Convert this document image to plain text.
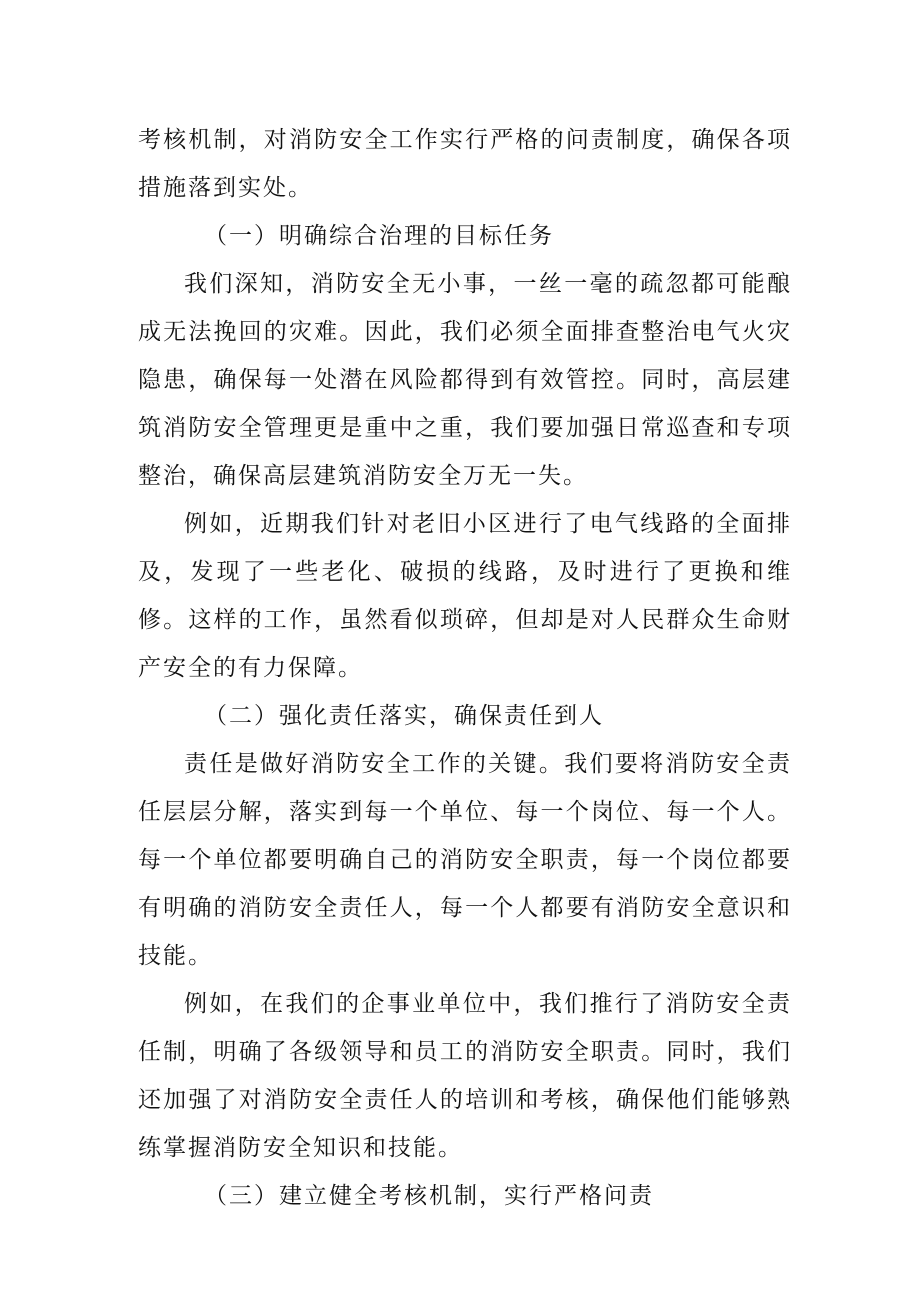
考核机制，对消防安全工作实行严格的问责制度，确保各项措施落到实处。

（一）明确综合治理的目标任务

我们深知，消防安全无小事，一丝一毫的疏忽都可能酿成无法挽回的灾难。因此，我们必须全面排查整治电气火灾隐患，确保每一处潜在风险都得到有效管控。同时，高层建筑消防安全管理更是重中之重，我们要加强日常巡查和专项整治，确保高层建筑消防安全万无一失。

例如，近期我们针对老旧小区进行了电气线路的全面排及，发现了一些老化、破损的线路，及时进行了更换和维修。这样的工作，虽然看似琐碎，但却是对人民群众生命财产安全的有力保障。

（二）强化责任落实，确保责任到人

责任是做好消防安全工作的关键。我们要将消防安全责任层层分解，落实到每一个单位、每一个岗位、每一个人。每一个单位都要明确自己的消防安全职责，每一个岗位都要有明确的消防安全责任人，每一个人都要有消防安全意识和技能。

例如，在我们的企事业单位中，我们推行了消防安全责任制，明确了各级领导和员工的消防安全职责。同时，我们还加强了对消防安全责任人的培训和考核，确保他们能够熟练掌握消防安全知识和技能。

（三）建立健全考核机制，实行严格问责
